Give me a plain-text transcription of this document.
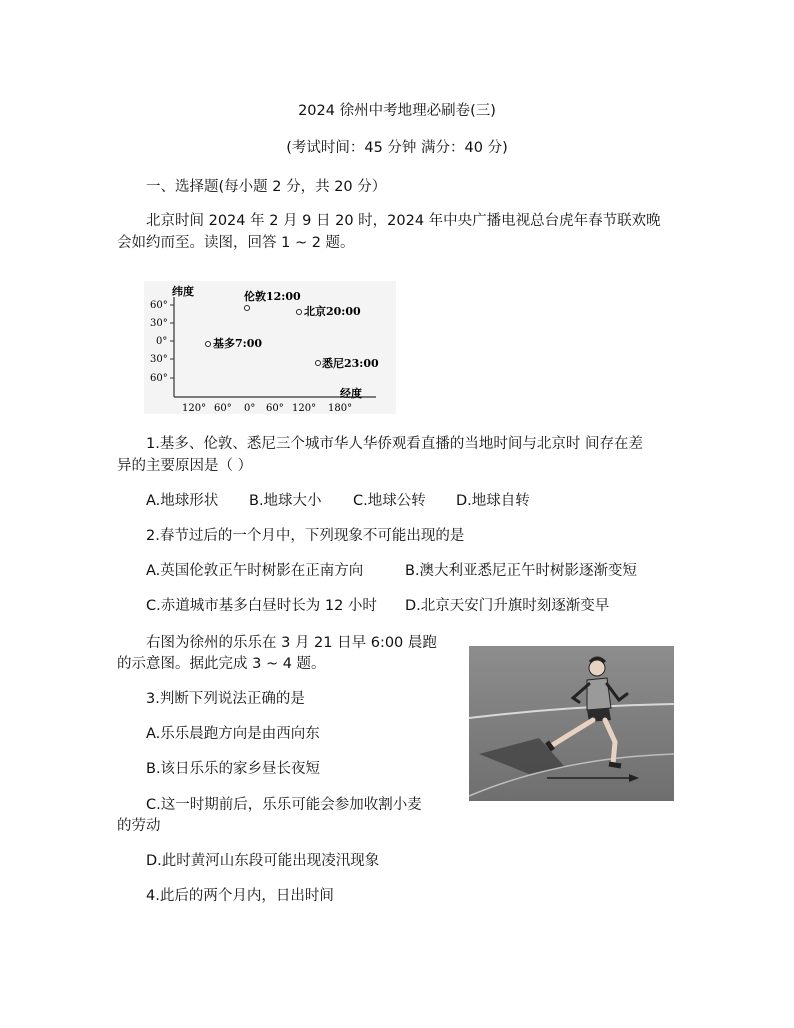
2024 徐州中考地理必刷卷(三)
(考试时间：45 分钟 满分：40 分)
一、选择题(每小题 2 分，共 20 分）
北京时间 2024 年 2 月 9 日 20 时，2024 年中央广播电视总台虎年春节联欢晚
会如约而至。读图，回答 1 ~ 2 题。
纬度
60°
30°
0°
30°
60°
120° 60° 0° 60° 120° 180°
经度
伦敦12:00
北京20:00
基多7:00
悉尼23:00
1.基多、伦敦、悉尼三个城市华人华侨观看直播的当地时间与北京时 间存在差
异的主要原因是（ ）
A.地球形状 B.地球大小 C.地球公转 D.地球自转
2.春节过后的一个月中，下列现象不可能出现的是
A.英国伦敦正午时树影在正南方向	B.澳大利亚悉尼正午时树影逐渐变短
C.赤道城市基多白昼时长为 12 小时 D.北京天安门升旗时刻逐渐变早
右图为徐州的乐乐在 3 月 21 日早 6:00 晨跑
的示意图。据此完成 3 ~ 4 题。
3.判断下列说法正确的是
A.乐乐晨跑方向是由西向东
B.该日乐乐的家乡昼长夜短
C.这一时期前后，乐乐可能会参加收割小麦
的劳动
D.此时黄河山东段可能出现凌汛现象
4.此后的两个月内，日出时间
